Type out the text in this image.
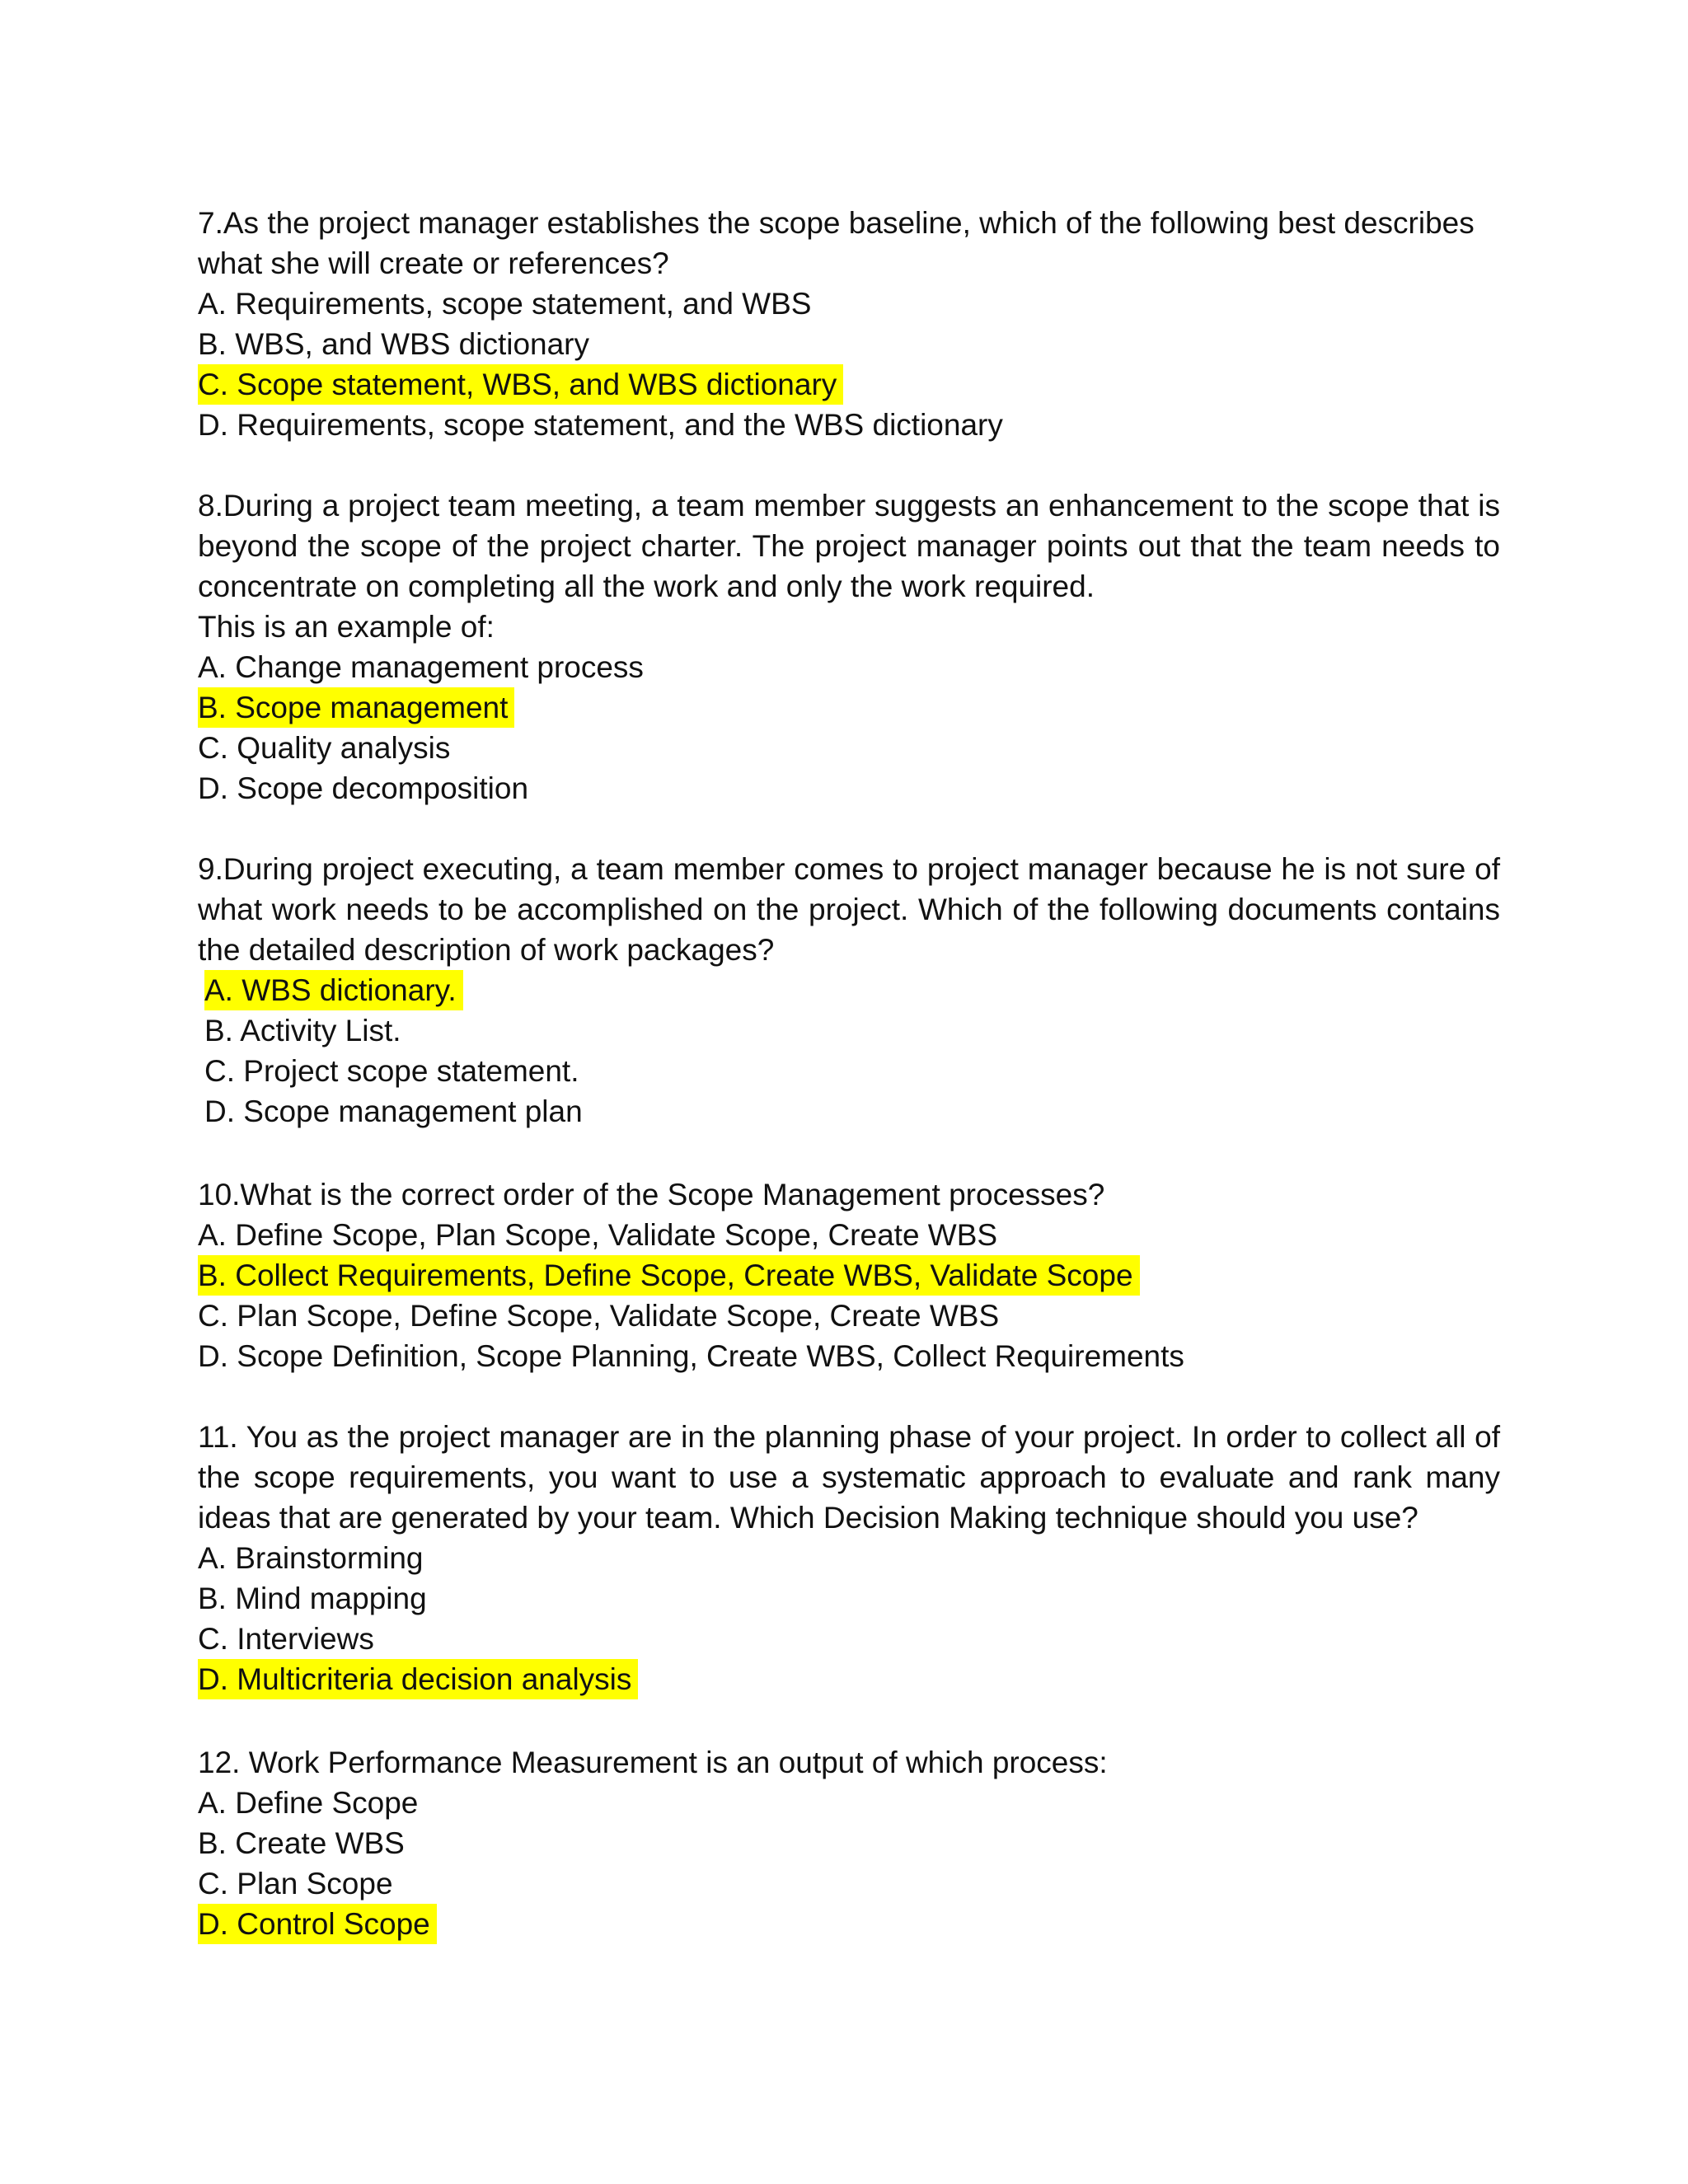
7.As the project manager establishes the scope baseline, which of the following best describes what she will create or references?

A. Requirements, scope statement, and WBS
B. WBS, and WBS dictionary
C. Scope statement, WBS, and WBS dictionary
D. Requirements, scope statement, and the WBS dictionary

8.During a project team meeting, a team member suggests an enhancement to the scope that is beyond the scope of the project charter. The project manager points out that the team needs to concentrate on completing all the work and only the work required.

This is an example of:

A. Change management process
B. Scope management
C. Quality analysis
D. Scope decomposition

9.During project executing, a team member comes to project manager because he is not sure of what work needs to be accomplished on the project. Which of the following documents contains the detailed description of work packages?

A. WBS dictionary.
B. Activity List.
C. Project scope statement.
D. Scope management plan

10.What is the correct order of the Scope Management processes?

A. Define Scope, Plan Scope, Validate Scope, Create WBS
B. Collect Requirements, Define Scope, Create WBS, Validate Scope
C. Plan Scope, Define Scope, Validate Scope, Create WBS
D. Scope Definition, Scope Planning, Create WBS, Collect Requirements

11. You as the project manager are in the planning phase of your project. In order to collect all of the scope requirements, you want to use a systematic approach to evaluate and rank many ideas that are generated by your team. Which Decision Making technique should you use?

A. Brainstorming
B. Mind mapping
C. Interviews
D. Multicriteria decision analysis

12. Work Performance Measurement is an output of which process:

A. Define Scope
B. Create WBS
C. Plan Scope
D. Control Scope
